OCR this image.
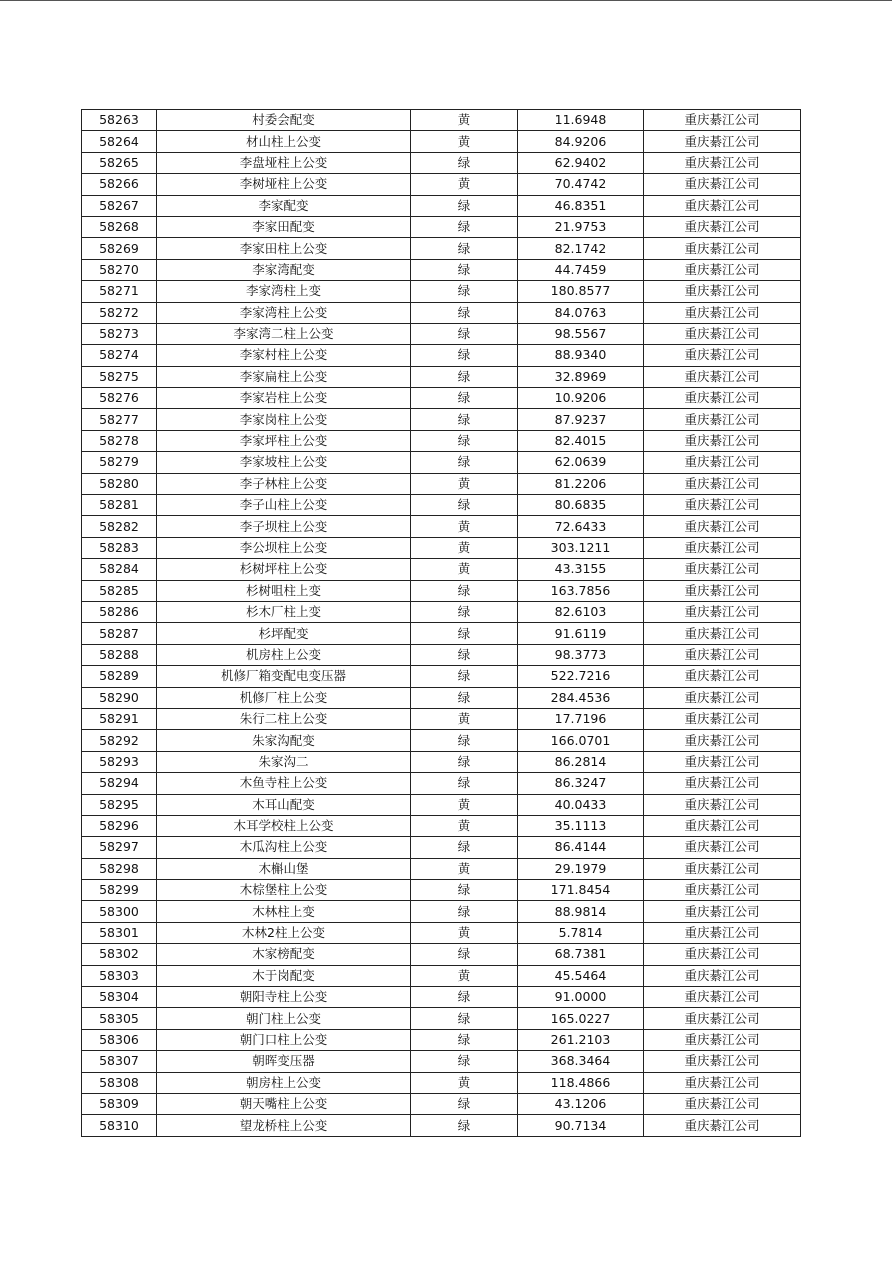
58263	村委会配变	黄	11.6948	重庆綦江公司
58264	材山柱上公变	黄	84.9206	重庆綦江公司
58265	李盘垭柱上公变	绿	62.9402	重庆綦江公司
58266	李树垭柱上公变	黄	70.4742	重庆綦江公司
58267	李家配变	绿	46.8351	重庆綦江公司
58268	李家田配变	绿	21.9753	重庆綦江公司
58269	李家田柱上公变	绿	82.1742	重庆綦江公司
58270	李家湾配变	绿	44.7459	重庆綦江公司
58271	李家湾柱上变	绿	180.8577	重庆綦江公司
58272	李家湾柱上公变	绿	84.0763	重庆綦江公司
58273	李家湾二柱上公变	绿	98.5567	重庆綦江公司
58274	李家村柱上公变	绿	88.9340	重庆綦江公司
58275	李家扁柱上公变	绿	32.8969	重庆綦江公司
58276	李家岩柱上公变	绿	10.9206	重庆綦江公司
58277	李家岗柱上公变	绿	87.9237	重庆綦江公司
58278	李家坪柱上公变	绿	82.4015	重庆綦江公司
58279	李家坡柱上公变	绿	62.0639	重庆綦江公司
58280	李子林柱上公变	黄	81.2206	重庆綦江公司
58281	李子山柱上公变	绿	80.6835	重庆綦江公司
58282	李子坝柱上公变	黄	72.6433	重庆綦江公司
58283	李公坝柱上公变	黄	303.1211	重庆綦江公司
58284	杉树坪柱上公变	黄	43.3155	重庆綦江公司
58285	杉树咀柱上变	绿	163.7856	重庆綦江公司
58286	杉木厂柱上变	绿	82.6103	重庆綦江公司
58287	杉坪配变	绿	91.6119	重庆綦江公司
58288	机房柱上公变	绿	98.3773	重庆綦江公司
58289	机修厂箱变配电变压器	绿	522.7216	重庆綦江公司
58290	机修厂柱上公变	绿	284.4536	重庆綦江公司
58291	朱行二柱上公变	黄	17.7196	重庆綦江公司
58292	朱家沟配变	绿	166.0701	重庆綦江公司
58293	朱家沟二	绿	86.2814	重庆綦江公司
58294	木鱼寺柱上公变	绿	86.3247	重庆綦江公司
58295	木耳山配变	黄	40.0433	重庆綦江公司
58296	木耳学校柱上公变	黄	35.1113	重庆綦江公司
58297	木瓜沟柱上公变	绿	86.4144	重庆綦江公司
58298	木槲山堡	黄	29.1979	重庆綦江公司
58299	木棕堡柱上公变	绿	171.8454	重庆綦江公司
58300	木林柱上变	绿	88.9814	重庆綦江公司
58301	木林2柱上公变	黄	5.7814	重庆綦江公司
58302	木家榜配变	绿	68.7381	重庆綦江公司
58303	木于岗配变	黄	45.5464	重庆綦江公司
58304	朝阳寺柱上公变	绿	91.0000	重庆綦江公司
58305	朝门柱上公变	绿	165.0227	重庆綦江公司
58306	朝门口柱上公变	绿	261.2103	重庆綦江公司
58307	朝晖变压器	绿	368.3464	重庆綦江公司
58308	朝房柱上公变	黄	118.4866	重庆綦江公司
58309	朝天嘴柱上公变	绿	43.1206	重庆綦江公司
58310	望龙桥柱上公变	绿	90.7134	重庆綦江公司
